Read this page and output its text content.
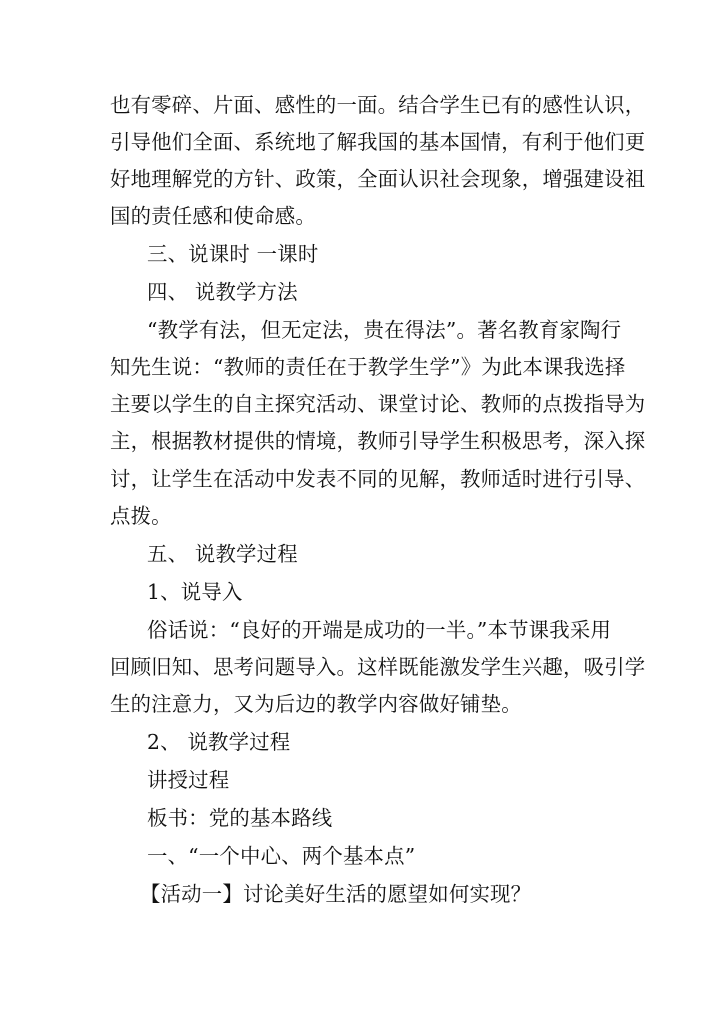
也有零碎、片面、感性的一面。结合学生已有的感性认识，
引导他们全面、系统地了解我国的基本国情，有利于他们更
好地理解党的方针、政策，全面认识社会现象，增强建设祖
国的责任感和使命感。
三、说课时 一课时
四、 说教学方法
“教学有法，但无定法，贵在得法”。著名教育家陶行
知先生说：“教师的责任在于教学生学”》为此本课我选择
主要以学生的自主探究活动、课堂讨论、教师的点拨指导为
主，根据教材提供的情境，教师引导学生积极思考，深入探
讨，让学生在活动中发表不同的见解，教师适时进行引导、
点拨。
五、 说教学过程
1、说导入
俗话说：“良好的开端是成功的一半。”本节课我采用
回顾旧知、思考问题导入。这样既能激发学生兴趣，吸引学
生的注意力，又为后边的教学内容做好铺垫。
2、 说教学过程
讲授过程
板书：党的基本路线
一、“一个中心、两个基本点”
【活动一】讨论美好生活的愿望如何实现？
